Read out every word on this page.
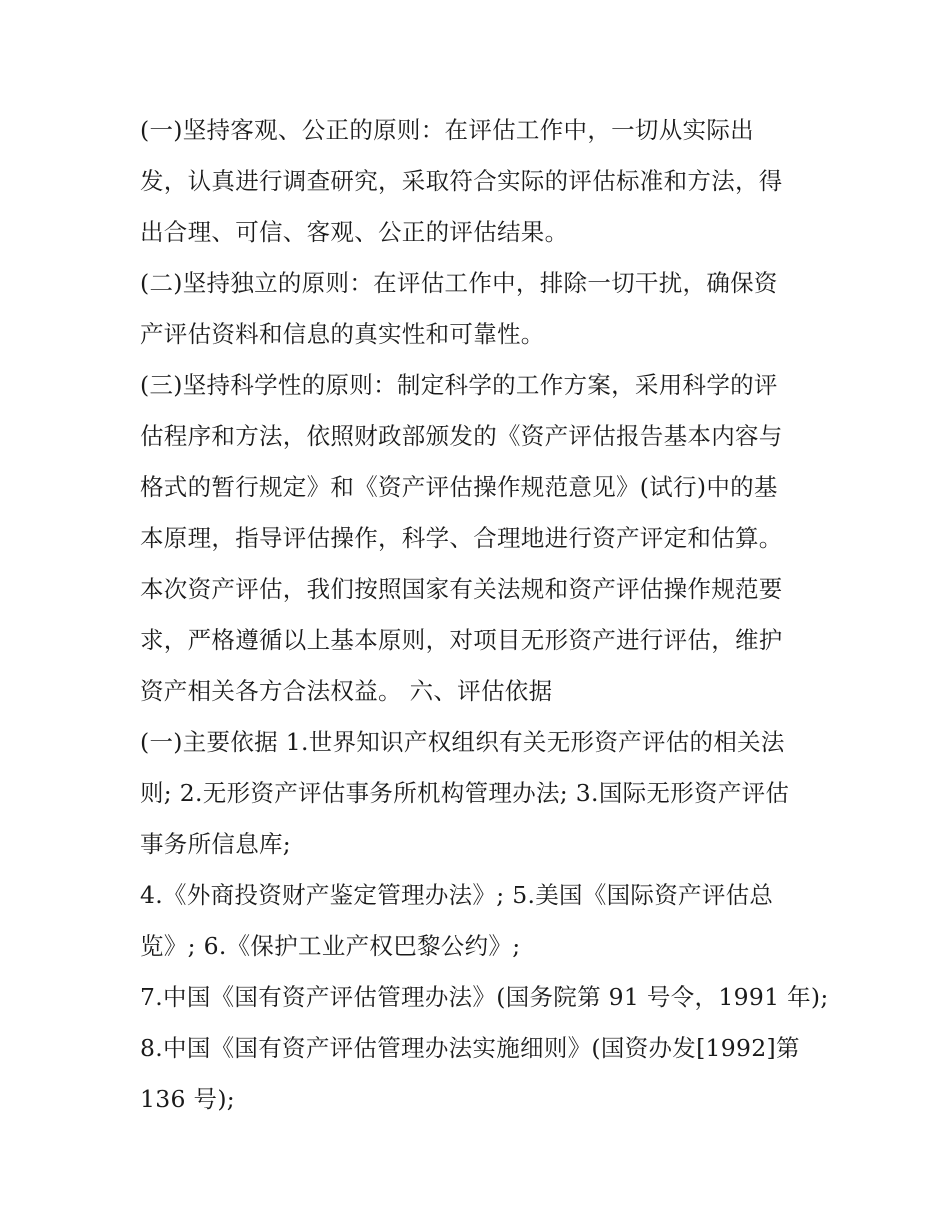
(一)坚持客观、公正的原则：在评估工作中，一切从实际出
发，认真进行调查研究，采取符合实际的评估标准和方法，得
出合理、可信、客观、公正的评估结果。

(二)坚持独立的原则：在评估工作中，排除一切干扰，确保资
产评估资料和信息的真实性和可靠性。

(三)坚持科学性的原则：制定科学的工作方案，采用科学的评
估程序和方法，依照财政部颁发的《资产评估报告基本内容与
格式的暂行规定》和《资产评估操作规范意见》(试行)中的基
本原理，指导评估操作，科学、合理地进行资产评定和估算。
本次资产评估，我们按照国家有关法规和资产评估操作规范要
求，严格遵循以上基本原则，对项目无形资产进行评估，维护
资产相关各方合法权益。 六、评估依据

(一)主要依据 1.世界知识产权组织有关无形资产评估的相关法
则; 2.无形资产评估事务所机构管理办法; 3.国际无形资产评估
事务所信息库;

4.《外商投资财产鉴定管理办法》; 5.美国《国际资产评估总
览》; 6.《保护工业产权巴黎公约》;

7.中国《国有资产评估管理办法》(国务院第 91 号令，1991 年);

8.中国《国有资产评估管理办法实施细则》(国资办发[1992]第
136 号);
